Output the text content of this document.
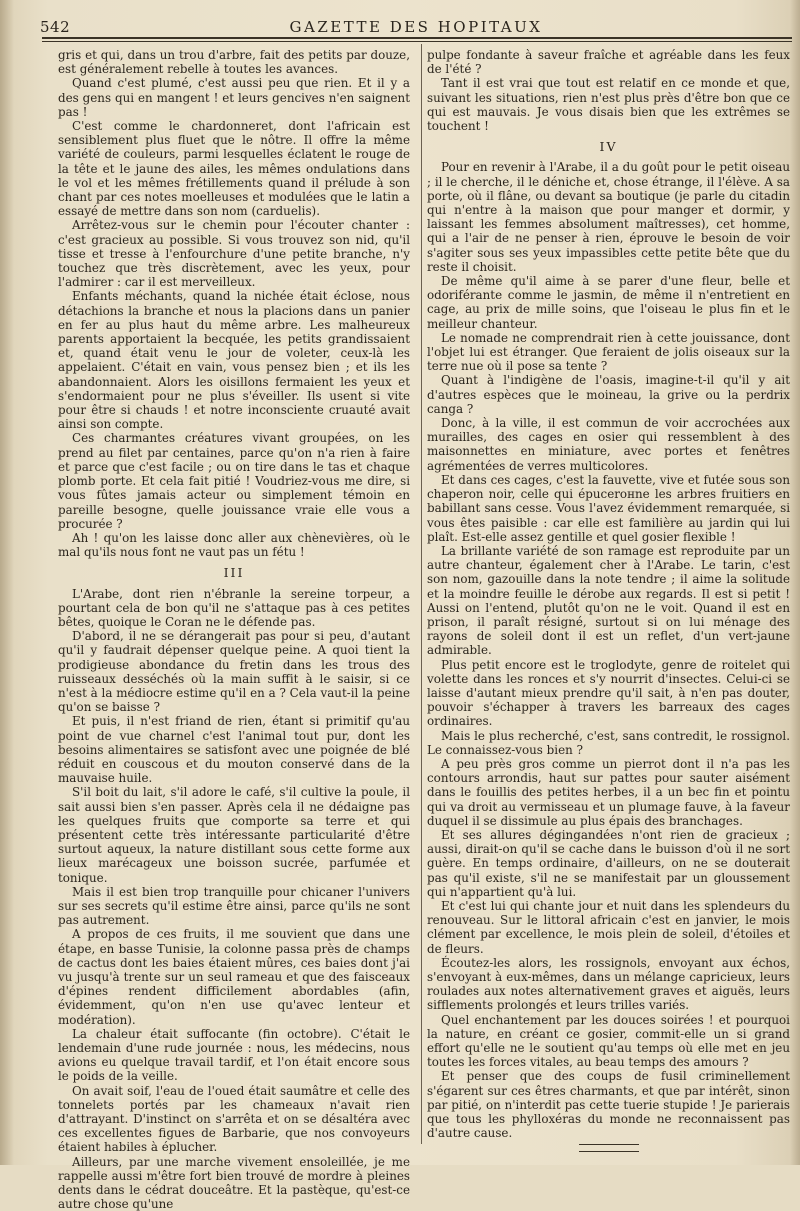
542	GAZETTE DES HOPITAUX

gris et qui, dans un trou d'arbre, fait des petits par douze, est généralement rebelle à toutes les avances.

Quand c'est plumé, c'est aussi peu que rien. Et il y a des gens qui en mangent ! et leurs gencives n'en saignent pas !

C'est comme le chardonneret, dont l'africain est sensiblement plus fluet que le nôtre. Il offre la même variété de couleurs, parmi lesquelles éclatent le rouge de la tête et le jaune des ailes, les mêmes ondulations dans le vol et les mêmes frétillements quand il prélude à son chant par ces notes moelleuses et modulées que le latin a essayé de mettre dans son nom (carduelis).

Arrêtez-vous sur le chemin pour l'écouter chanter : c'est gracieux au possible. Si vous trouvez son nid, qu'il tisse et tresse à l'enfourchure d'une petite branche, n'y touchez que très discrètement, avec les yeux, pour l'admirer : car il est merveilleux.

Enfants méchants, quand la nichée était éclose, nous détachions la branche et nous la placions dans un panier en fer au plus haut du même arbre. Les malheureux parents apportaient la becquée, les petits grandissaient et, quand était venu le jour de voleter, ceux-là les appelaient. C'était en vain, vous pensez bien ; et ils les abandonnaient. Alors les oisillons fermaient les yeux et s'endormaient pour ne plus s'éveiller. Ils usent si vite pour être si chauds ! et notre inconsciente cruauté avait ainsi son compte.

Ces charmantes créatures vivant groupées, on les prend au filet par centaines, parce qu'on n'a rien à faire et parce que c'est facile ; ou on tire dans le tas et chaque plomb porte. Et cela fait pitié ! Voudriez-vous me dire, si vous fûtes jamais acteur ou simplement témoin en pareille besogne, quelle jouissance vraie elle vous a procurée ?

Ah ! qu'on les laisse donc aller aux chènevières, où le mal qu'ils nous font ne vaut pas un fétu !

III

L'Arabe, dont rien n'ébranle la sereine torpeur, a pourtant cela de bon qu'il ne s'attaque pas à ces petites bêtes, quoique le Coran ne le défende pas.

D'abord, il ne se dérangerait pas pour si peu, d'autant qu'il y faudrait dépenser quelque peine. A quoi tient la prodigieuse abondance du fretin dans les trous des ruisseaux desséchés où la main suffit à le saisir, si ce n'est à la médiocre estime qu'il en a ? Cela vaut-il la peine qu'on se baisse ?

Et puis, il n'est friand de rien, étant si primitif qu'au point de vue charnel c'est l'animal tout pur, dont les besoins alimentaires se satisfont avec une poignée de blé réduit en couscous et du mouton conservé dans de la mauvaise huile.

S'il boit du lait, s'il adore le café, s'il cultive la poule, il sait aussi bien s'en passer. Après cela il ne dédaigne pas les quelques fruits que comporte sa terre et qui présentent cette très intéressante particularité d'être surtout aqueux, la nature distillant sous cette forme aux lieux marécageux une boisson sucrée, parfumée et tonique.

Mais il est bien trop tranquille pour chicaner l'univers sur ses secrets qu'il estime être ainsi, parce qu'ils ne sont pas autrement.

A propos de ces fruits, il me souvient que dans une étape, en basse Tunisie, la colonne passa près de champs de cactus dont les baies étaient mûres, ces baies dont j'ai vu jusqu'à trente sur un seul rameau et que des faisceaux d'épines rendent difficilement abordables (afin, évidemment, qu'on n'en use qu'avec lenteur et modération).

La chaleur était suffocante (fin octobre). C'était le lendemain d'une rude journée : nous, les médecins, nous avions eu quelque travail tardif, et l'on était encore sous le poids de la veille.

On avait soif, l'eau de l'oued était saumâtre et celle des tonnelets portés par les chameaux n'avait rien d'attrayant. D'instinct on s'arrêta et on se désaltéra avec ces excellentes figues de Barbarie, que nos convoyeurs étaient habiles à éplucher.

Ailleurs, par une marche vivement ensoleillée, je me rappelle aussi m'être fort bien trouvé de mordre à pleines dents dans le cédrat douceâtre. Et la pastèque, qu'est-ce autre chose qu'une

pulpe fondante à saveur fraîche et agréable dans les feux de l'été ?

Tant il est vrai que tout est relatif en ce monde et que, suivant les situations, rien n'est plus près d'être bon que ce qui est mauvais. Je vous disais bien que les extrêmes se touchent !

IV

Pour en revenir à l'Arabe, il a du goût pour le petit oiseau ; il le cherche, il le déniche et, chose étrange, il l'élève. A sa porte, où il flâne, ou devant sa boutique (je parle du citadin qui n'entre à la maison que pour manger et dormir, y laissant les femmes absolument maîtresses), cet homme, qui a l'air de ne penser à rien, éprouve le besoin de voir s'agiter sous ses yeux impassibles cette petite bête que du reste il choisit.

De même qu'il aime à se parer d'une fleur, belle et odoriférante comme le jasmin, de même il n'entretient en cage, au prix de mille soins, que l'oiseau le plus fin et le meilleur chanteur.

Le nomade ne comprendrait rien à cette jouissance, dont l'objet lui est étranger. Que feraient de jolis oiseaux sur la terre nue où il pose sa tente ?

Quant à l'indigène de l'oasis, imagine-t-il qu'il y ait d'autres espèces que le moineau, la grive ou la perdrix canga ?

Donc, à la ville, il est commun de voir accrochées aux murailles, des cages en osier qui ressemblent à des maisonnettes en miniature, avec portes et fenêtres agrémentées de verres multicolores.

Et dans ces cages, c'est la fauvette, vive et futée sous son chaperon noir, celle qui épucerонne les arbres fruitiers en babillant sans cesse. Vous l'avez évidemment remarquée, si vous êtes paisible : car elle est familière au jardin qui lui plaît. Est-elle assez gentille et quel gosier flexible !

La brillante variété de son ramage est reproduite par un autre chanteur, également cher à l'Arabe. Le tarin, c'est son nom, gazouille dans la note tendre ; il aime la solitude et la moindre feuille le dérobe aux regards. Il est si petit ! Aussi on l'entend, plutôt qu'on ne le voit. Quand il est en prison, il paraît résigné, surtout si on lui ménage des rayons de soleil dont il est un reflet, d'un vert-jaune admirable.

Plus petit encore est le troglodyte, genre de roitelet qui volette dans les ronces et s'y nourrit d'insectes. Celui-ci se laisse d'autant mieux prendre qu'il sait, à n'en pas douter, pouvoir s'échapper à travers les barreaux des cages ordinaires.

Mais le plus recherché, c'est, sans contredit, le rossignol. Le connaissez-vous bien ?

A peu près gros comme un pierrot dont il n'a pas les contours arrondis, haut sur pattes pour sauter aisément dans le fouillis des petites herbes, il a un bec fin et pointu qui va droit au vermisseau et un plumage fauve, à la faveur duquel il se dissimule au plus épais des branchages.

Et ses allures dégingandées n'ont rien de gracieux ; aussi, dirait-on qu'il se cache dans le buisson d'où il ne sort guère. En temps ordinaire, d'ailleurs, on ne se douterait pas qu'il existe, s'il ne se manifestait par un gloussement qui n'appartient qu'à lui.

Et c'est lui qui chante jour et nuit dans les splendeurs du renouveau. Sur le littoral africain c'est en janvier, le mois clément par excellence, le mois plein de soleil, d'étoiles et de fleurs.

Écoutez-les alors, les rossignols, envoyant aux échos, s'envoyant à eux-mêmes, dans un mélange capricieux, leurs roulades aux notes alternativement graves et aiguës, leurs sifflements prolongés et leurs trilles variés.

Quel enchantement par les douces soirées ! et pourquoi la nature, en créant ce gosier, commit-elle un si grand effort qu'elle ne le soutient qu'au temps où elle met en jeu toutes les forces vitales, au beau temps des amours ?

Et penser que des coups de fusil criminellement s'égarent sur ces êtres charmants, et que par intérêt, sinon par pitié, on n'interdit pas cette tuerie stupide ! Je parierais que tous les phylloxéras du monde ne reconnaissent pas d'autre cause.
